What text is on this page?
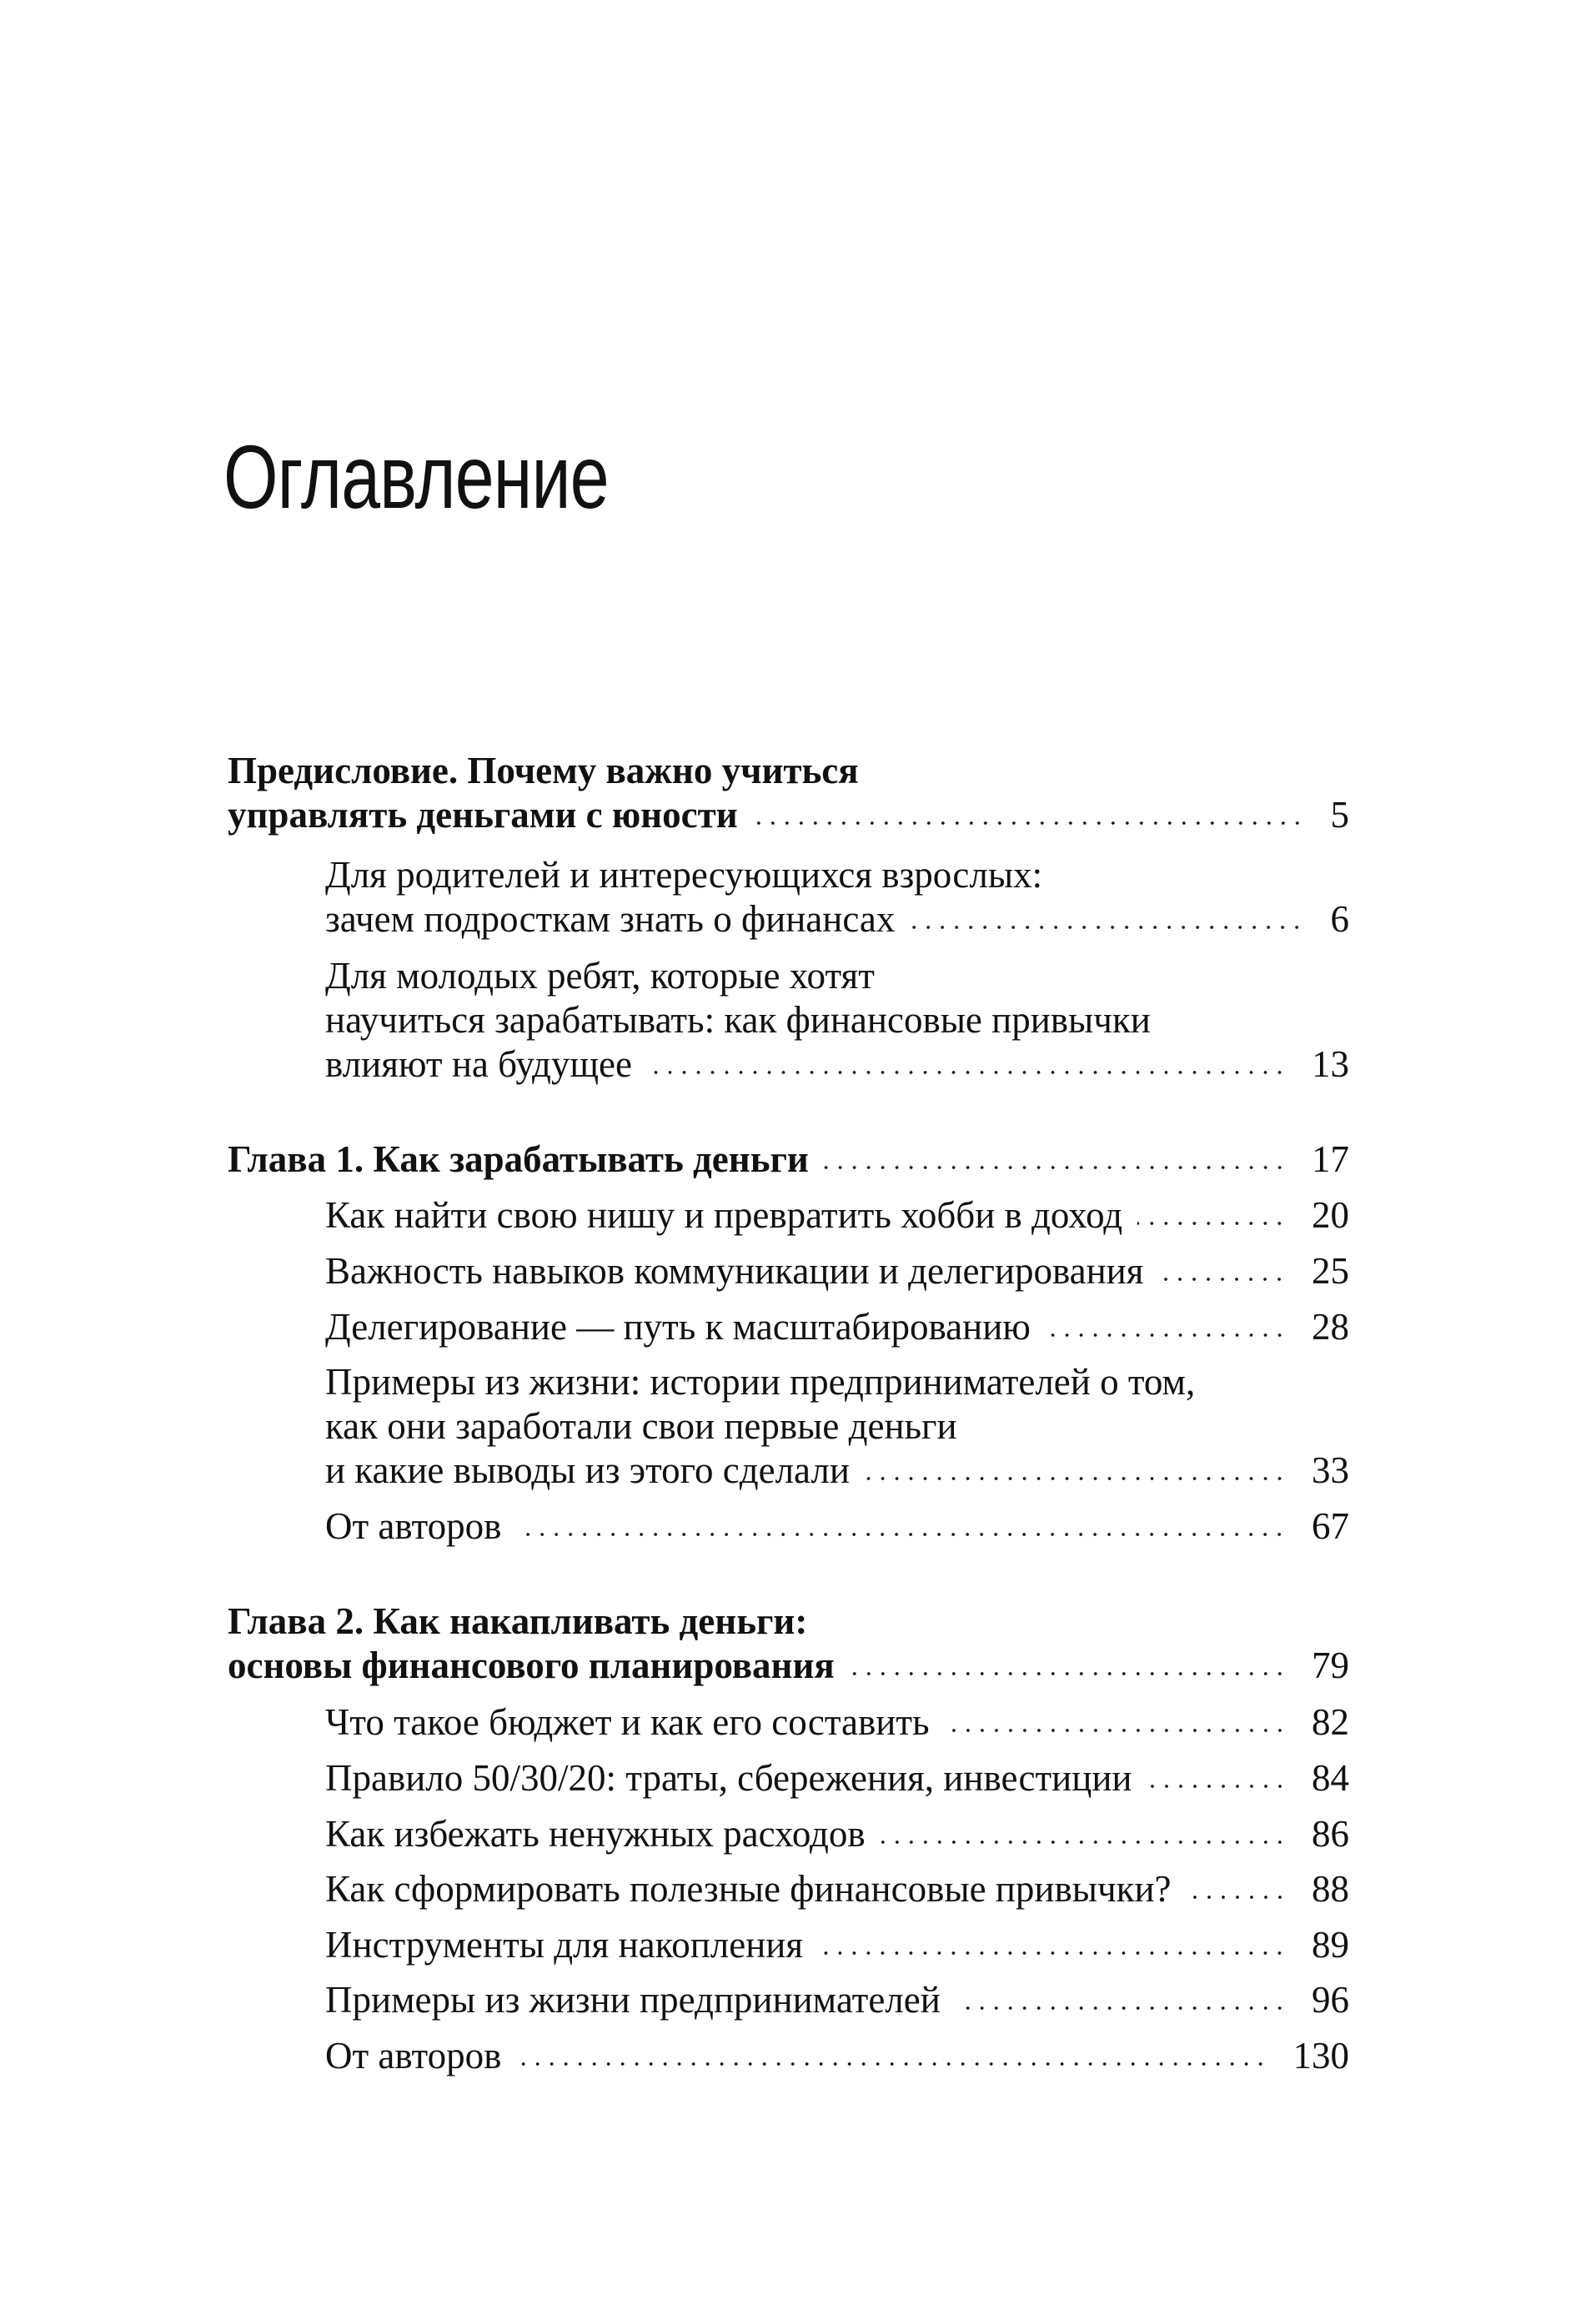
Оглавление
Предисловие. Почему важно учиться
управлять деньгами с юности	5
Для родителей и интересующихся взрослых:
зачем подросткам знать о финансах	6
Для молодых ребят, которые хотят
научиться зарабатывать: как финансовые привычки
влияют на будущее	13
Глава 1. Как зарабатывать деньги	17
Как найти свою нишу и превратить хобби в доход	20
Важность навыков коммуникации и делегирования	25
Делегирование — путь к масштабированию	28
Примеры из жизни: истории предпринимателей о том,
как они заработали свои первые деньги
и какие выводы из этого сделали	33
От авторов	67
Глава 2. Как накапливать деньги:
основы финансового планирования	79
Что такое бюджет и как его составить	82
Правило 50/30/20: траты, сбережения, инвестиции	84
Как избежать ненужных расходов	86
Как сформировать полезные финансовые привычки?	88
Инструменты для накопления	89
Примеры из жизни предпринимателей	96
От авторов	130
